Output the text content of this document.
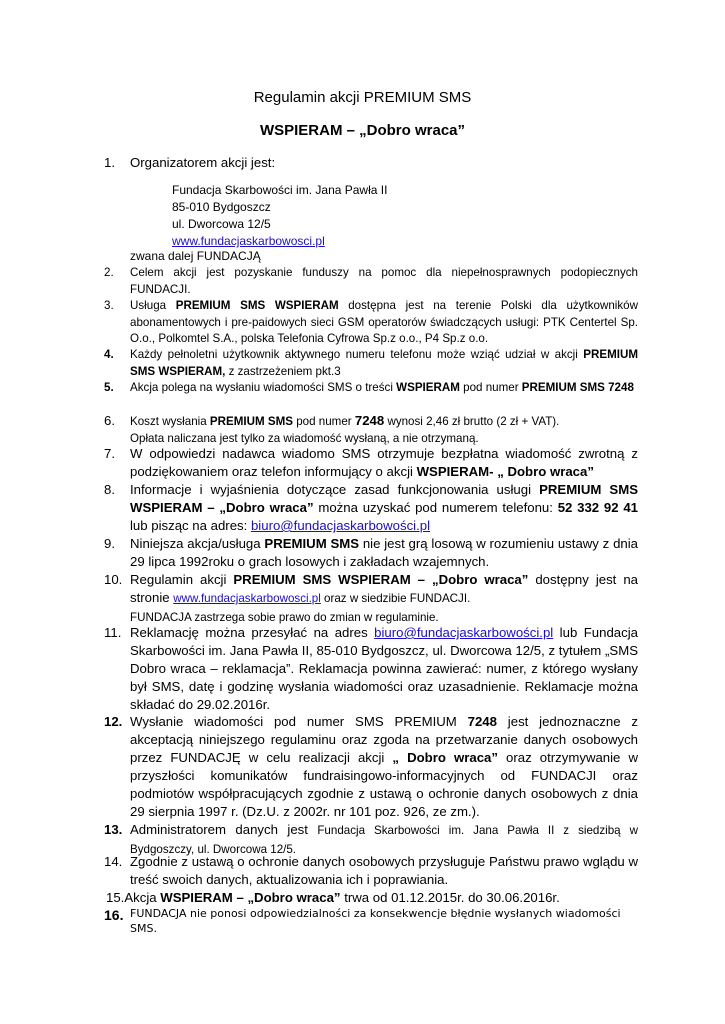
Regulamin akcji PREMIUM SMS
WSPIERAM – „Dobro wraca”
1.	Organizatorem akcji jest:
Fundacja Skarbowości im. Jana Pawła II
85-010 Bydgoszcz
ul. Dworcowa 12/5
www.fundacjaskarbowosci.pl
zwana dalej FUNDACJĄ
2.	Celem akcji jest pozyskanie funduszy na pomoc dla niepełnosprawnych podopiecznych FUNDACJI.
3.	Usługa PREMIUM SMS WSPIERAM dostępna jest na terenie Polski dla użytkowników abonamentowych i pre-paidowych sieci GSM operatorów świadczących usługi: PTK Centertel Sp. O.o., Polkomtel S.A., polska Telefonia Cyfrowa Sp.z o.o., P4 Sp.z o.o.
4.	Każdy pełnoletni użytkownik aktywnego numeru telefonu może wziąć udział w akcji PREMIUM SMS WSPIERAM, z zastrzeżeniem pkt.3
5.	Akcja polega na wysłaniu wiadomości SMS o treści WSPIERAM pod numer PREMIUM SMS 7248
6.	Koszt wysłania PREMIUM SMS pod numer 7248 wynosi 2,46 zł brutto (2 zł + VAT).
Opłata naliczana jest tylko za wiadomość wysłaną, a nie otrzymaną.
7.	W odpowiedzi nadawca wiadomo SMS otrzymuje bezpłatna wiadomość zwrotną z podziękowaniem oraz telefon informujący o akcji WSPIERAM- „ Dobro wraca”
8.	Informacje i wyjaśnienia dotyczące zasad funkcjonowania usługi PREMIUM SMS WSPIERAM – „Dobro wraca” można uzyskać pod numerem telefonu: 52 332 92 41 lub pisząc na adres: biuro@fundacjaskarbowości.pl
9.	Niniejsza akcja/usługa PREMIUM SMS nie jest grą losową w rozumieniu ustawy z dnia 29 lipca 1992roku o grach losowych i zakładach wzajemnych.
10. Regulamin akcji PREMIUM SMS WSPIERAM – „Dobro wraca” dostępny jest na stronie www.fundacjaskarbowosci.pl oraz w siedzibie FUNDACJI.
FUNDACJA zastrzega sobie prawo do zmian w regulaminie.
11. Reklamację można przesyłać na adres biuro@fundacjaskarbowości.pl lub Fundacja Skarbowości im. Jana Pawła II, 85-010 Bydgoszcz, ul. Dworcowa 12/5, z tytułem „SMS Dobro wraca – reklamacja”. Reklamacja powinna zawierać: numer, z którego wysłany był SMS, datę i godzinę wysłania wiadomości oraz uzasadnienie. Reklamacje można składać do 29.02.2016r.
12. Wysłanie wiadomości pod numer SMS PREMIUM 7248 jest jednoznaczne z akceptacją niniejszego regulaminu oraz zgoda na przetwarzanie danych osobowych przez FUNDACJĘ w celu realizacji akcji „ Dobro wraca” oraz otrzymywanie w przyszłości komunikatów fundraisingowo-informacyjnych od FUNDACJI oraz podmiotów współpracujących zgodnie z ustawą o ochronie danych osobowych z dnia 29 sierpnia 1997 r. (Dz.U. z 2002r. nr 101 poz. 926, ze zm.).
13. Administratorem danych jest Fundacja Skarbowości im. Jana Pawła II z siedzibą w Bydgoszczy, ul. Dworcowa 12/5.
14. Zgodnie z ustawą o ochronie danych osobowych przysługuje Państwu prawo wglądu w treść swoich danych, aktualizowania ich i poprawiania.
15.Akcja WSPIERAM – „Dobro wraca” trwa od 01.12.2015r. do 30.06.2016r.
16. FUNDACJA nie ponosi odpowiedzialności za konsekwencje błędnie wysłanych wiadomości SMS.
